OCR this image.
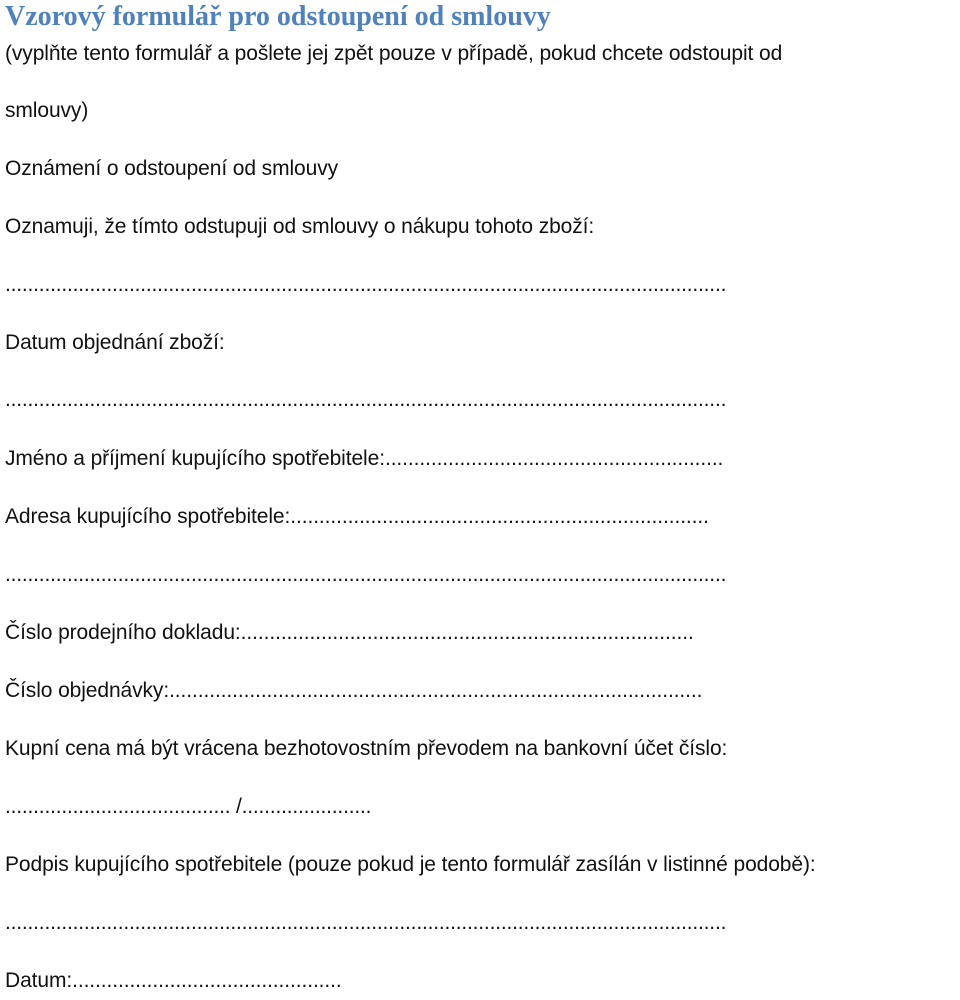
Vzorový formulář pro odstoupení od smlouvy
(vyplňte tento formulář a pošlete jej zpět pouze v případě, pokud chcete odstoupit od
smlouvy)
Oznámení o odstoupení od smlouvy
Oznamuji, že tímto odstupuji od smlouvy o nákupu tohoto zboží:
................................................................................................................................
Datum objednání zboží:
................................................................................................................................
Jméno a příjmení kupujícího spotřebitele:...........................................................
Adresa kupujícího spotřebitele:.........................................................................
................................................................................................................................
Číslo prodejního dokladu:...............................................................................
Číslo objednávky:.............................................................................................
Kupní cena má být vrácena bezhotovostním převodem na bankovní účet číslo:
........................................ /.......................
Podpis kupujícího spotřebitele (pouze pokud je tento formulář zasílán v listinné podobě):
................................................................................................................................
Datum:...............................................
